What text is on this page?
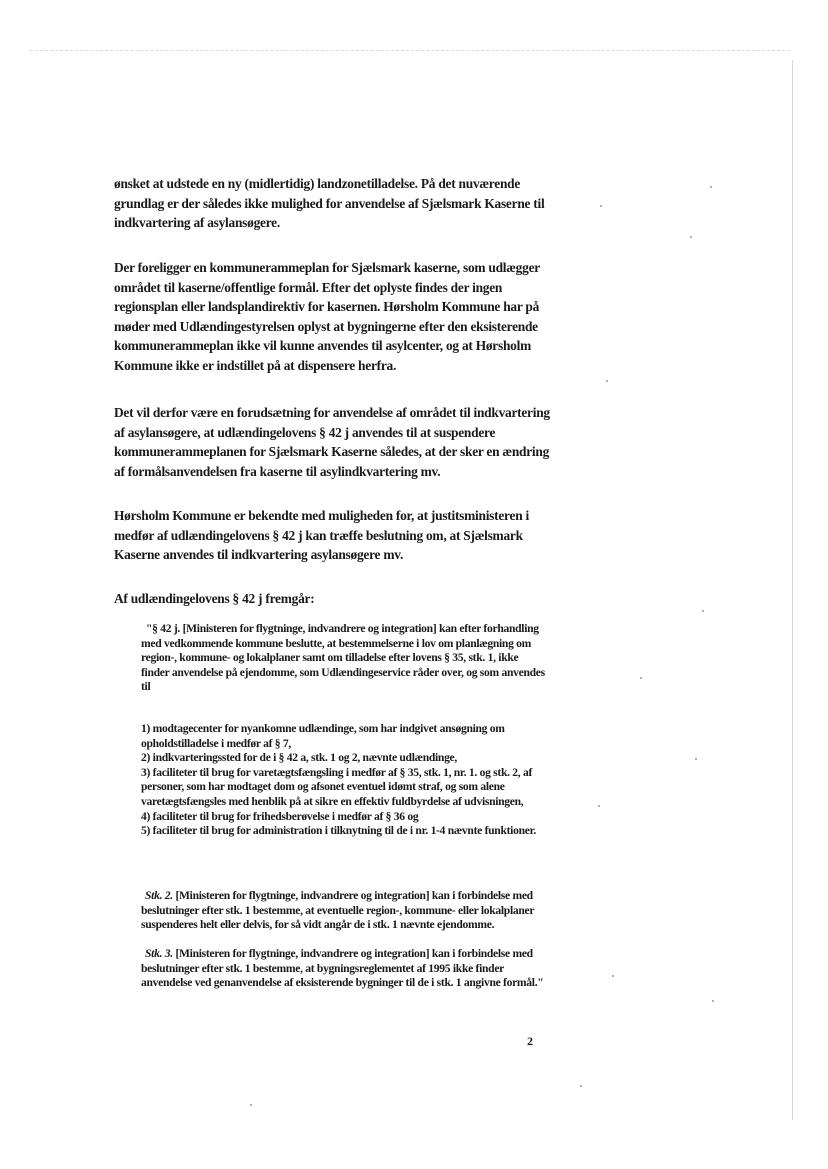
ønsket at udstede en ny (midlertidig) landzonetilladelse. På det nuværende grundlag er der således ikke mulighed for anvendelse af Sjælsmark Kaserne til indkvartering af asylansøgere.

Der foreligger en kommunerammeplan for Sjælsmark kaserne, som udlægger området til kaserne/offentlige formål. Efter det oplyste findes der ingen regionsplan eller landsplandirektiv for kasernen. Hørsholm Kommune har på møder med Udlændingestyrelsen oplyst at bygningerne efter den eksisterende kommunerammeplan ikke vil kunne anvendes til asylcenter, og at Hørsholm Kommune ikke er indstillet på at dispensere herfra.

Det vil derfor være en forudsætning for anvendelse af området til indkvartering af asylansøgere, at udlændingelovens § 42 j anvendes til at suspendere kommunerammeplanen for Sjælsmark Kaserne således, at der sker en ændring af formålsanvendelsen fra kaserne til asylindkvartering mv.

Hørsholm Kommune er bekendte med muligheden for, at justitsministeren i medfør af udlændingelovens § 42 j kan træffe beslutning om, at Sjælsmark Kaserne anvendes til indkvartering asylansøgere mv.

Af udlændingelovens § 42 j fremgår:

"§ 42 j. [Ministeren for flygtninge, indvandrere og integration] kan efter forhandling med vedkommende kommune beslutte, at bestemmelserne i lov om planlægning om region-, kommune- og lokalplaner samt om tilladelse efter lovens § 35, stk. 1, ikke finder anvendelse på ejendomme, som Udlændingeservice råder over, og som anvendes til

1) modtagecenter for nyankomne udlændinge, som har indgivet ansøgning om opholdstilladelse i medfør af § 7,
2) indkvarteringssted for de i § 42 a, stk. 1 og 2, nævnte udlændinge,
3) faciliteter til brug for varetægtsfængsling i medfør af § 35, stk. 1, nr. 1. og stk. 2, af personer, som har modtaget dom og afsonet eventuel idømt straf, og som alene varetægtsfængsles med henblik på at sikre en effektiv fuldbyrdelse af udvisningen,
4) faciliteter til brug for frihedsberøvelse i medfør af § 36 og
5) faciliteter til brug for administration i tilknytning til de i nr. 1-4 nævnte funktioner.

Stk. 2. [Ministeren for flygtninge, indvandrere og integration] kan i forbindelse med beslutninger efter stk. 1 bestemme, at eventuelle region-, kommune- eller lokalplaner suspenderes helt eller delvis, for så vidt angår de i stk. 1 nævnte ejendomme.

Stk. 3. [Ministeren for flygtninge, indvandrere og integration] kan i forbindelse med beslutninger efter stk. 1 bestemme, at bygningsreglementet af 1995 ikke finder anvendelse ved genanvendelse af eksisterende bygninger til de i stk. 1 angivne formål."

2
